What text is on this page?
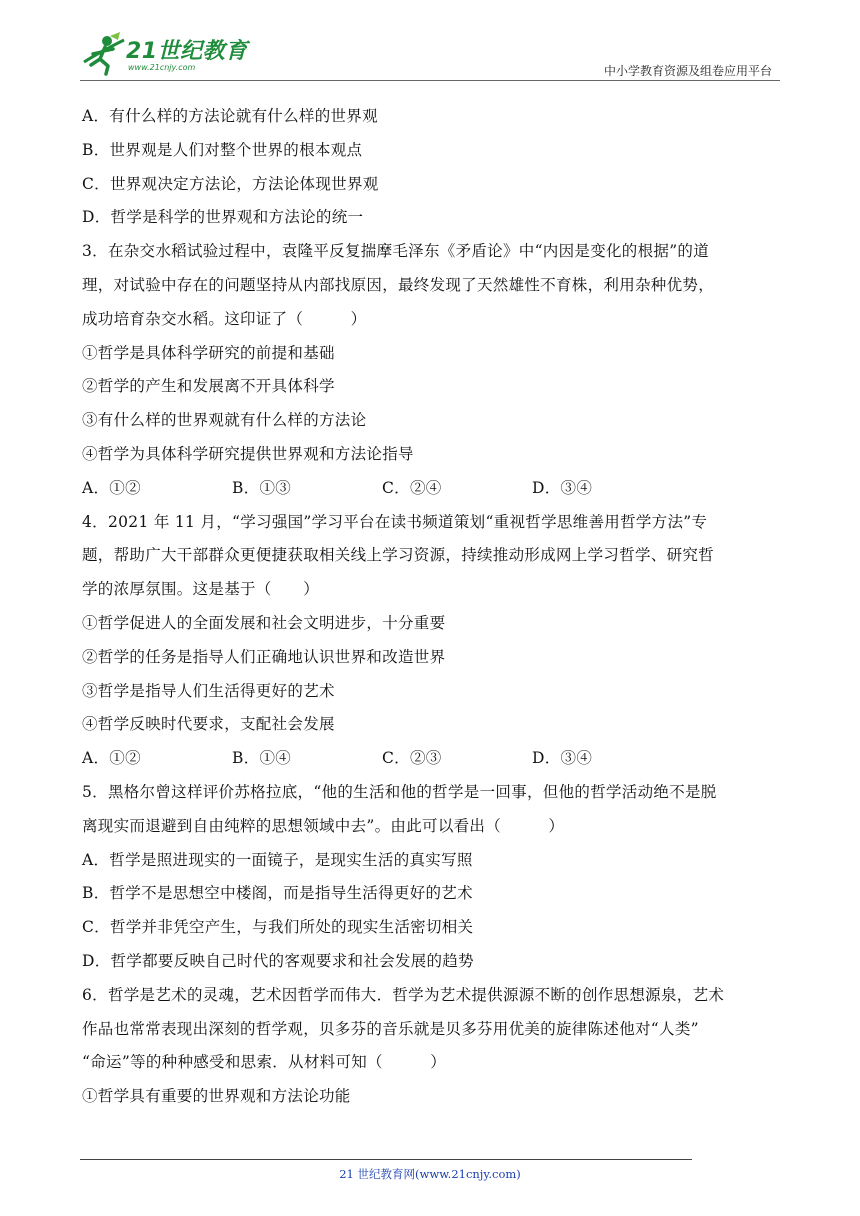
21世纪教育
www.21cnjy.com	中小学教育资源及组卷应用平台
A．有什么样的方法论就有什么样的世界观
B．世界观是人们对整个世界的根本观点
C．世界观决定方法论，方法论体现世界观
D．哲学是科学的世界观和方法论的统一
3．在杂交水稻试验过程中，袁隆平反复揣摩毛泽东《矛盾论》中“内因是变化的根据”的道
理，对试验中存在的问题坚持从内部找原因，最终发现了天然雄性不育株，利用杂种优势，
成功培育杂交水稻。这印证了（　　　）
①哲学是具体科学研究的前提和基础
②哲学的产生和发展离不开具体科学
③有什么样的世界观就有什么样的方法论
④哲学为具体科学研究提供世界观和方法论指导
A．①②	B．①③	C．②④	D．③④
4．2021 年 11 月，“学习强国”学习平台在读书频道策划“重视哲学思维善用哲学方法”专
题，帮助广大干部群众更便捷获取相关线上学习资源，持续推动形成网上学习哲学、研究哲
学的浓厚氛围。这是基于（　　）
①哲学促进人的全面发展和社会文明进步，十分重要
②哲学的任务是指导人们正确地认识世界和改造世界
③哲学是指导人们生活得更好的艺术
④哲学反映时代要求，支配社会发展
A．①②	B．①④	C．②③	D．③④
5．黑格尔曾这样评价苏格拉底，“他的生活和他的哲学是一回事，但他的哲学活动绝不是脱
离现实而退避到自由纯粹的思想领域中去”。由此可以看出（　　　）
A．哲学是照进现实的一面镜子，是现实生活的真实写照
B．哲学不是思想空中楼阁，而是指导生活得更好的艺术
C．哲学并非凭空产生，与我们所处的现实生活密切相关
D．哲学都要反映自己时代的客观要求和社会发展的趋势
6．哲学是艺术的灵魂，艺术因哲学而伟大．哲学为艺术提供源源不断的创作思想源泉，艺术
作品也常常表现出深刻的哲学观，贝多芬的音乐就是贝多芬用优美的旋律陈述他对“人类”
“命运”等的种种感受和思索．从材料可知（　　　）
①哲学具有重要的世界观和方法论功能
21 世纪教育网(www.21cnjy.com)
